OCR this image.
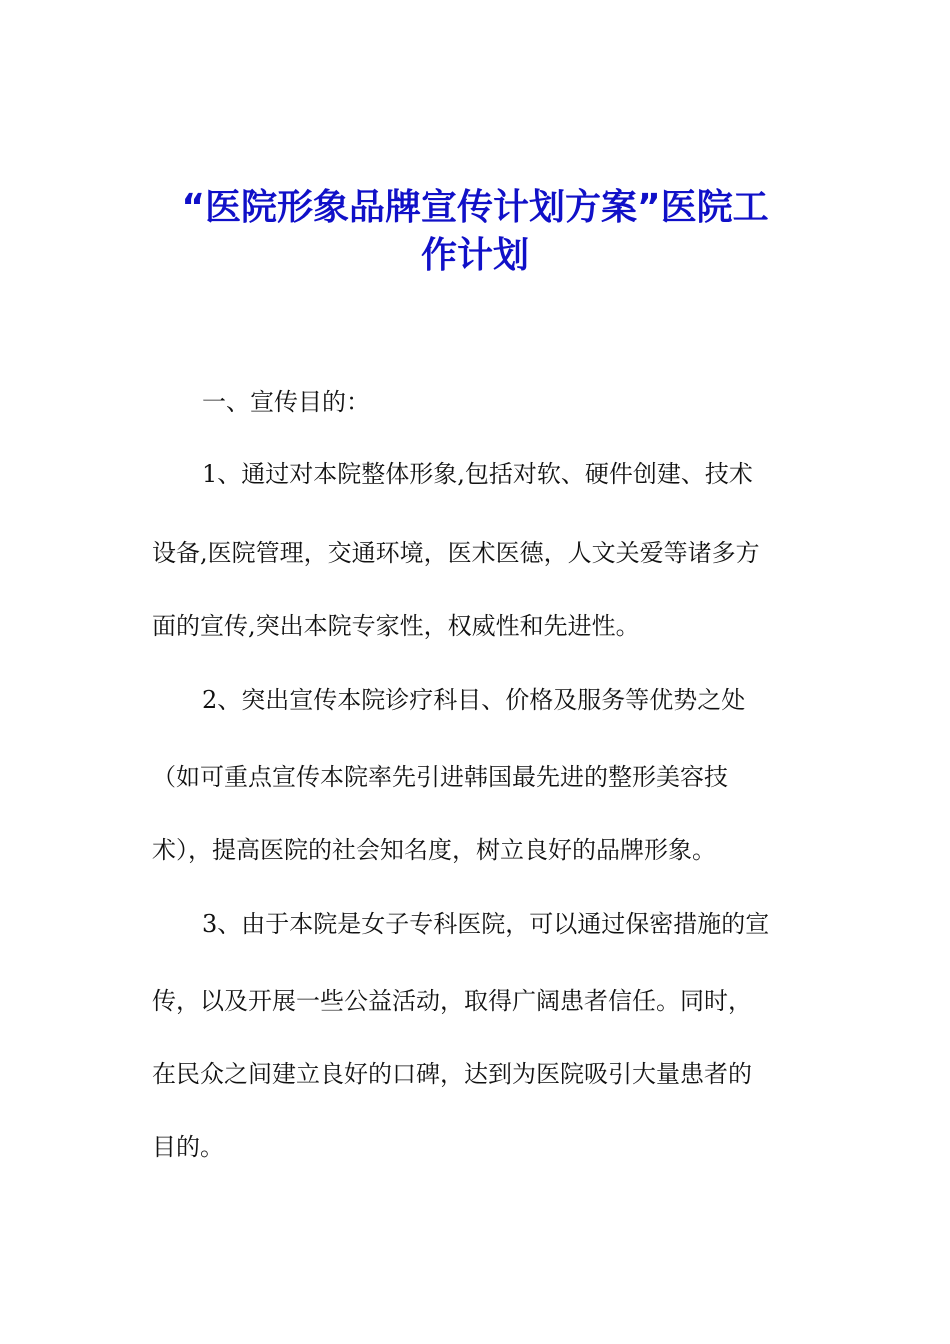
“医院形象品牌宣传计划方案”医院工
作计划

一、宣传目的：

1、通过对本院整体形象,包括对软、硬件创建、技术

设备,医院管理，交通环境，医术医德，人文关爱等诸多方

面的宣传,突出本院专家性，权威性和先进性。

2、突出宣传本院诊疗科目、价格及服务等优势之处

（如可重点宣传本院率先引进韩国最先进的整形美容技

术），提高医院的社会知名度，树立良好的品牌形象。

3、由于本院是女子专科医院，可以通过保密措施的宣

传，以及开展一些公益活动，取得广阔患者信任。同时，

在民众之间建立良好的口碑，达到为医院吸引大量患者的

目的。
